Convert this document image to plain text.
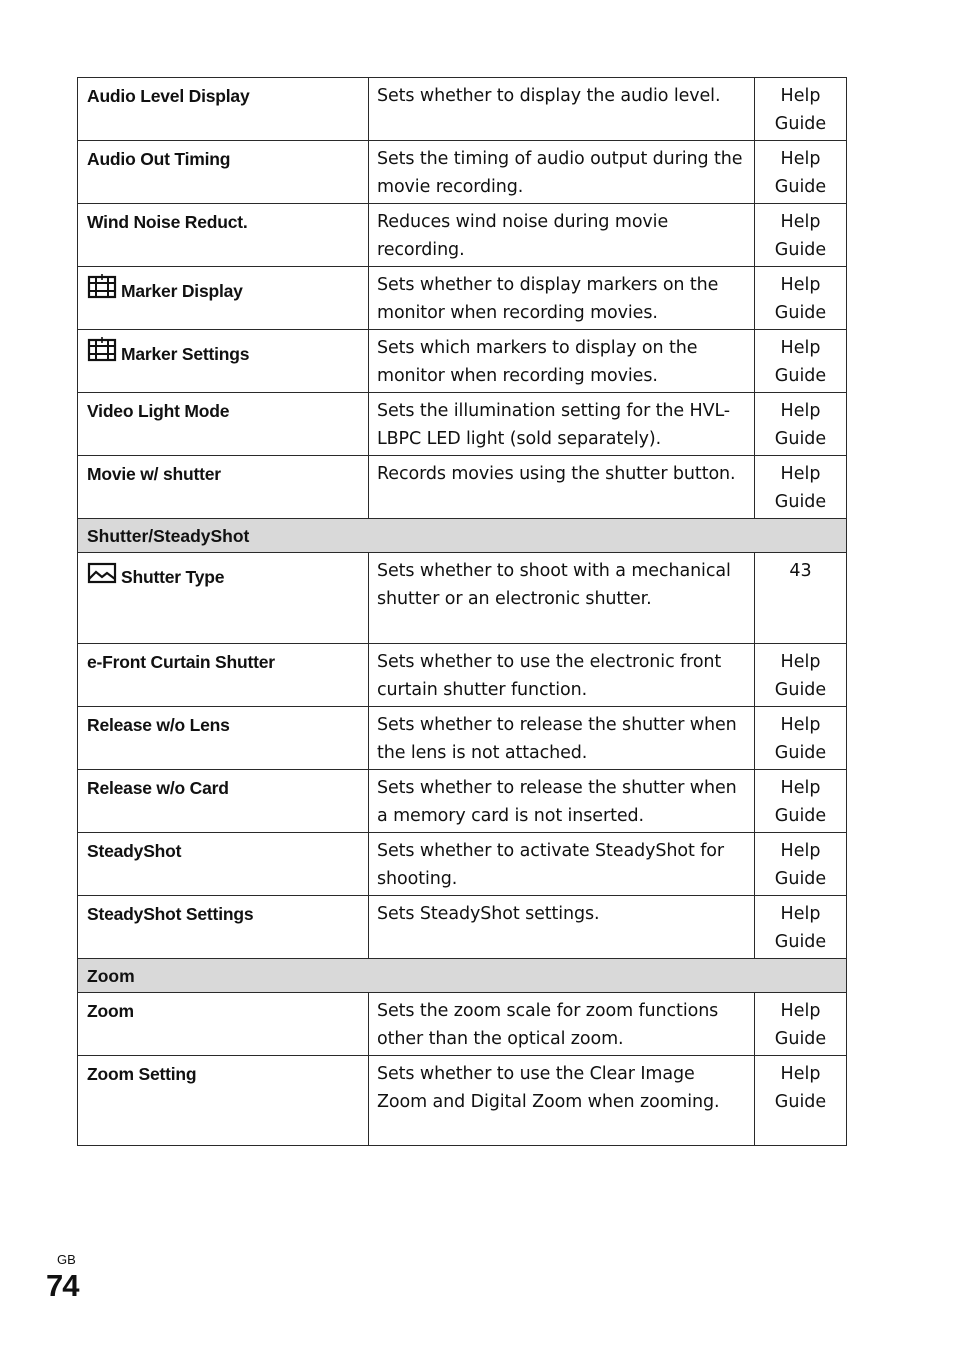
Audio Level Display	Sets whether to display the audio level.	Help Guide

Audio Out Timing	Sets the timing of audio output during the movie recording.	Help Guide

Wind Noise Reduct.	Reduces wind noise during movie recording.	Help Guide

Marker Display	Sets whether to display markers on the monitor when recording movies.	Help Guide

Marker Settings	Sets which markers to display on the monitor when recording movies.	Help Guide

Video Light Mode	Sets the illumination setting for the HVL-LBPC LED light (sold separately).	Help Guide

Movie w/ shutter	Records movies using the shutter button.	Help Guide

Shutter/SteadyShot		

Shutter Type	Sets whether to shoot with a mechanical shutter or an electronic shutter.	43

e-Front Curtain Shutter	Sets whether to use the electronic front curtain shutter function.	Help Guide

Release w/o Lens	Sets whether to release the shutter when the lens is not attached.	Help Guide

Release w/o Card	Sets whether to release the shutter when a memory card is not inserted.	Help Guide

SteadyShot	Sets whether to activate SteadyShot for shooting.	Help Guide

SteadyShot Settings	Sets SteadyShot settings.	Help Guide

Zoom		

Zoom	Sets the zoom scale for zoom functions other than the optical zoom.	Help Guide

Zoom Setting	Sets whether to use the Clear Image Zoom and Digital Zoom when zooming.	Help Guide
GB
74
